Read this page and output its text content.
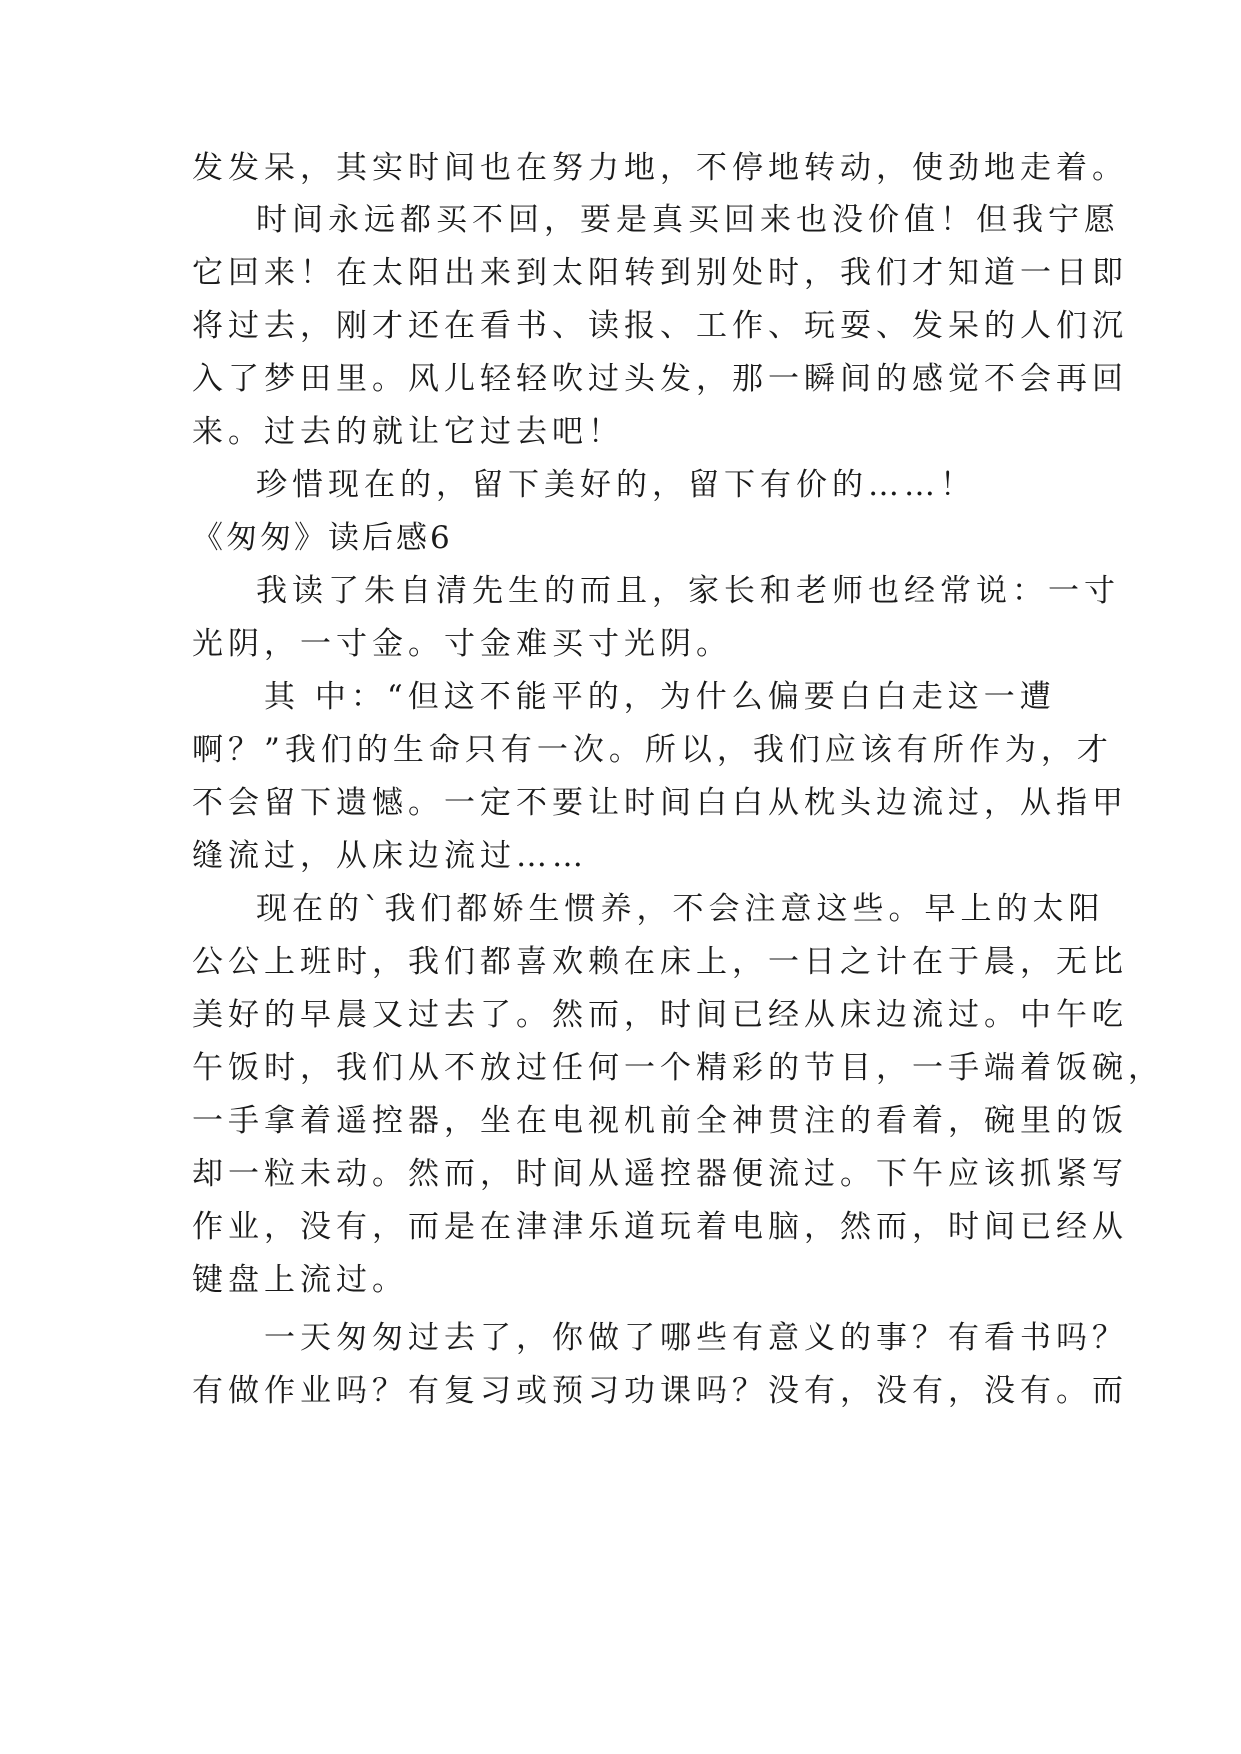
发发呆，其实时间也在努力地，不停地转动，使劲地走着。
时间永远都买不回，要是真买回来也没价值！但我宁愿
它回来！在太阳出来到太阳转到别处时，我们才知道一日即
将过去，刚才还在看书、读报、工作、玩耍、发呆的人们沉
入了梦田里。风儿轻轻吹过头发，那一瞬间的感觉不会再回
来。过去的就让它过去吧！
珍惜现在的，留下美好的，留下有价的……！
《匆匆》读后感6
我读了朱自清先生的而且，家长和老师也经常说：一寸
光阴，一寸金。寸金难买寸光阴。
其 中：“但这不能平的，为什么偏要白白走这一遭
啊？”我们的生命只有一次。所以，我们应该有所作为，才
不会留下遗憾。一定不要让时间白白从枕头边流过，从指甲
缝流过，从床边流过……
现在的`我们都娇生惯养，不会注意这些。早上的太阳
公公上班时，我们都喜欢赖在床上，一日之计在于晨，无比
美好的早晨又过去了。然而，时间已经从床边流过。中午吃
午饭时，我们从不放过任何一个精彩的节目，一手端着饭碗，
一手拿着遥控器，坐在电视机前全神贯注的看着，碗里的饭
却一粒未动。然而，时间从遥控器便流过。下午应该抓紧写
作业，没有，而是在津津乐道玩着电脑，然而，时间已经从
键盘上流过。
一天匆匆过去了，你做了哪些有意义的事？有看书吗？
有做作业吗？有复习或预习功课吗？没有，没有，没有。而
